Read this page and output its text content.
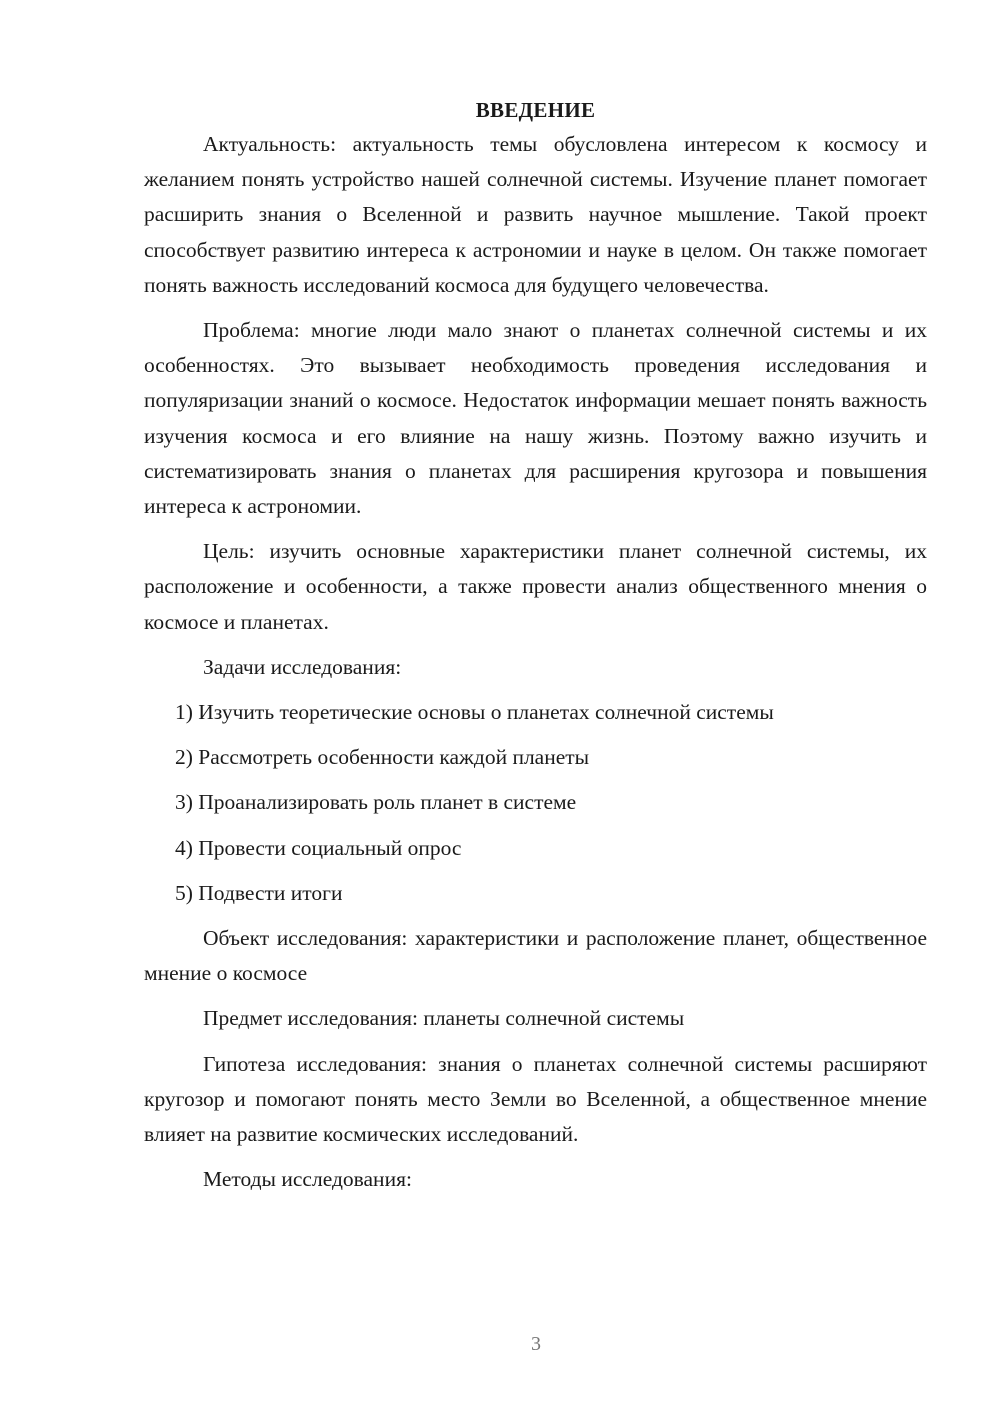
ВВЕДЕНИЕ

Актуальность: актуальность темы обусловлена интересом к космосу и желанием понять устройство нашей солнечной системы. Изучение планет помогает расширить знания о Вселенной и развить научное мышление. Такой проект способствует развитию интереса к астрономии и науке в целом. Он также помогает понять важность исследований космоса для будущего человечества.

Проблема: многие люди мало знают о планетах солнечной системы и их особенностях. Это вызывает необходимость проведения исследования и популяризации знаний о космосе. Недостаток информации мешает понять важность изучения космоса и его влияние на нашу жизнь. Поэтому важно изучить и систематизировать знания о планетах для расширения кругозора и повышения интереса к астрономии.

Цель: изучить основные характеристики планет солнечной системы, их расположение и особенности, а также провести анализ общественного мнения о космосе и планетах.

Задачи исследования:

1) Изучить теоретические основы о планетах солнечной системы
2) Рассмотреть особенности каждой планеты
3) Проанализировать роль планет в системе
4) Провести социальный опрос
5) Подвести итоги

Объект исследования: характеристики и расположение планет, общественное мнение о космосе

Предмет исследования: планеты солнечной системы

Гипотеза исследования: знания о планетах солнечной системы расширяют кругозор и помогают понять место Земли во Вселенной, а общественное мнение влияет на развитие космических исследований.

Методы исследования:

3
